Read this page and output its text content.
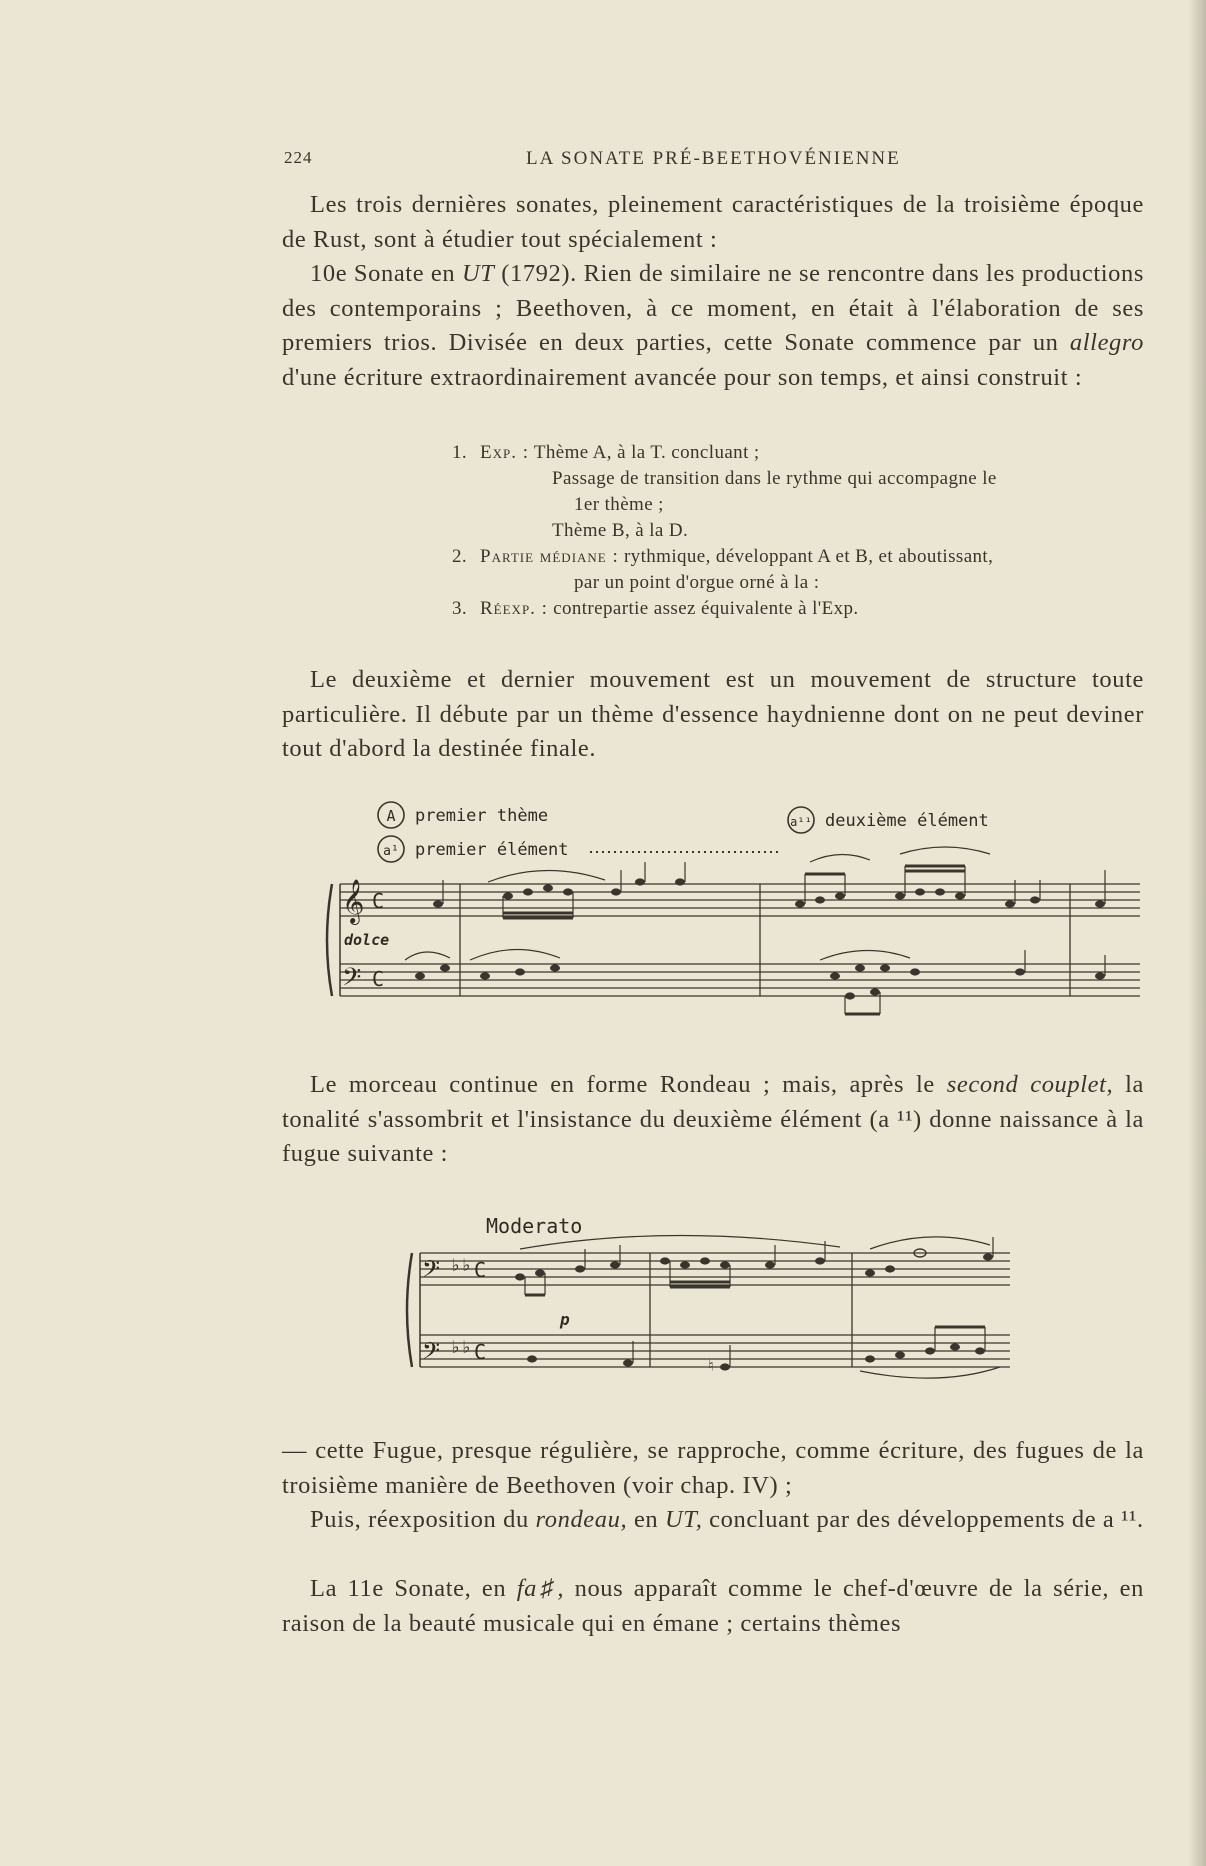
224	LA SONATE PRÉ-BEETHOVÉNIENNE

Les trois dernières sonates, pleinement caractéristiques de la troisième époque de Rust, sont à étudier tout spécialement :

10e Sonate en UT (1792). Rien de similaire ne se rencontre dans les productions des contemporains ; Beethoven, à ce moment, en était à l'élaboration de ses premiers trios. Divisée en deux parties, cette Sonate commence par un allegro d'une écriture extraordinairement avancée pour son temps, et ainsi construit :

1. Exp. : Thème A, à la T. concluant ;
Passage de transition dans le rythme qui accompagne le
1er thème ;
Thème B, à la D.
2. Partie médiane : rythmique, développant A et B, et aboutissant,
par un point d'orgue orné à la :
3. Réexp. : contrepartie assez équivalente à l'Exp.

Le deuxième et dernier mouvement est un mouvement de structure toute particulière. Il débute par un thème d'essence haydnienne dont on ne peut deviner tout d'abord la destinée finale.

A premier thème
a¹ premier élément
a¹¹ deuxième élément
𝄞
𝄢
C
C
dolce

Le morceau continue en forme Rondeau ; mais, après le second couplet, la tonalité s'assombrit et l'insistance du deuxième élément (a ¹¹) donne naissance à la fugue suivante :

Moderato
𝄢
𝄢
♭♭
♭♭
C
C
p
♮

— cette Fugue, presque régulière, se rapproche, comme écriture, des fugues de la troisième manière de Beethoven (voir chap. IV) ;

Puis, réexposition du rondeau, en UT, concluant par des développements de a ¹¹.

La 11e Sonate, en fa♯, nous apparaît comme le chef-d'œuvre de la série, en raison de la beauté musicale qui en émane ; certains thèmes
